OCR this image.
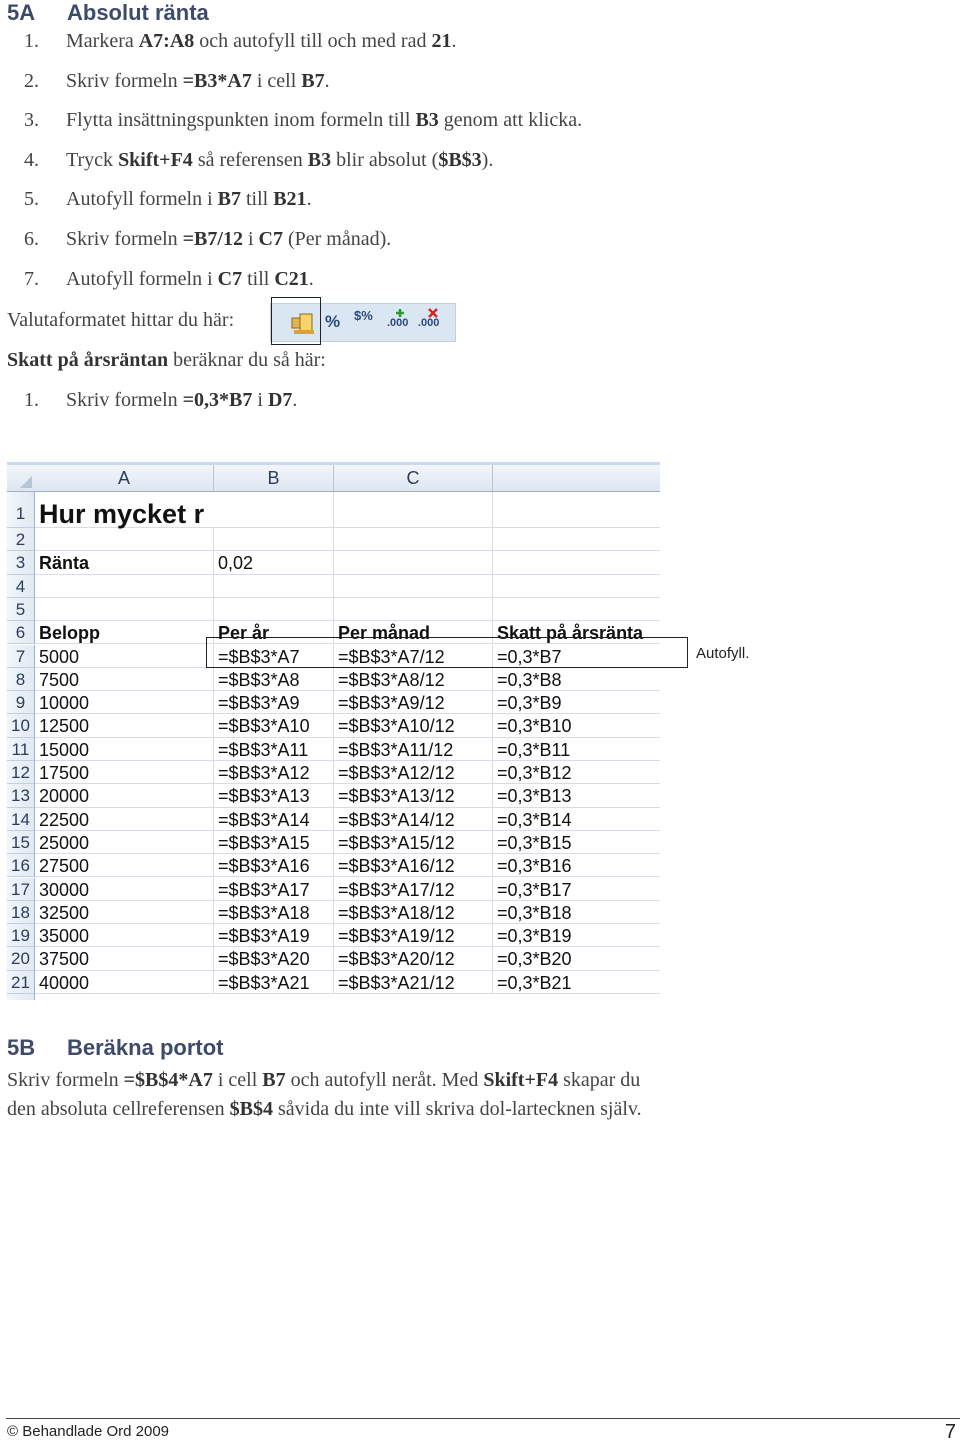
5A Absolut ränta
1. Markera A7:A8 och autofyll till och med rad 21.
2. Skriv formeln =B3*A7 i cell B7.
3. Flytta insättningspunkten inom formeln till B3 genom att klicka.
4. Tryck Skift+F4 så referensen B3 blir absolut ($B$3).
5. Autofyll formeln i B7 till B21.
6. Skriv formeln =B7/12 i C7 (Per månad).
7. Autofyll formeln i C7 till C21.
Valutaformatet hittar du här:	% $% .000 .000
Skatt på årsräntan beräknar du så här:
1. Skriv formeln =0,3*B7 i D7.
A	B	C
1 Hur mycket r
2
3 Ränta	0,02
4
5
6 Belopp	Per år	Per månad	Skatt på årsränta
7 5000	=$B$3*A7	=$B$3*A7/12	=0,3*B7
8 7500	=$B$3*A8	=$B$3*A8/12	=0,3*B8
9 10000	=$B$3*A9	=$B$3*A9/12	=0,3*B9
10 12500	=$B$3*A10	=$B$3*A10/12	=0,3*B10
11 15000	=$B$3*A11	=$B$3*A11/12	=0,3*B11
12 17500	=$B$3*A12	=$B$3*A12/12	=0,3*B12
13 20000	=$B$3*A13	=$B$3*A13/12	=0,3*B13
14 22500	=$B$3*A14	=$B$3*A14/12	=0,3*B14
15 25000	=$B$3*A15	=$B$3*A15/12	=0,3*B15
16 27500	=$B$3*A16	=$B$3*A16/12	=0,3*B16
17 30000	=$B$3*A17	=$B$3*A17/12	=0,3*B17
18 32500	=$B$3*A18	=$B$3*A18/12	=0,3*B18
19 35000	=$B$3*A19	=$B$3*A19/12	=0,3*B19
20 37500	=$B$3*A20	=$B$3*A20/12	=0,3*B20
21 40000	=$B$3*A21	=$B$3*A21/12	=0,3*B21
Autofyll.
5B Beräkna portot
Skriv formeln =$B$4*A7 i cell B7 och autofyll neråt. Med Skift+F4 skapar du den absoluta cellreferensen $B$4 såvida du inte vill skriva dol-lartecknen själv.
© Behandlade Ord 2009	7
